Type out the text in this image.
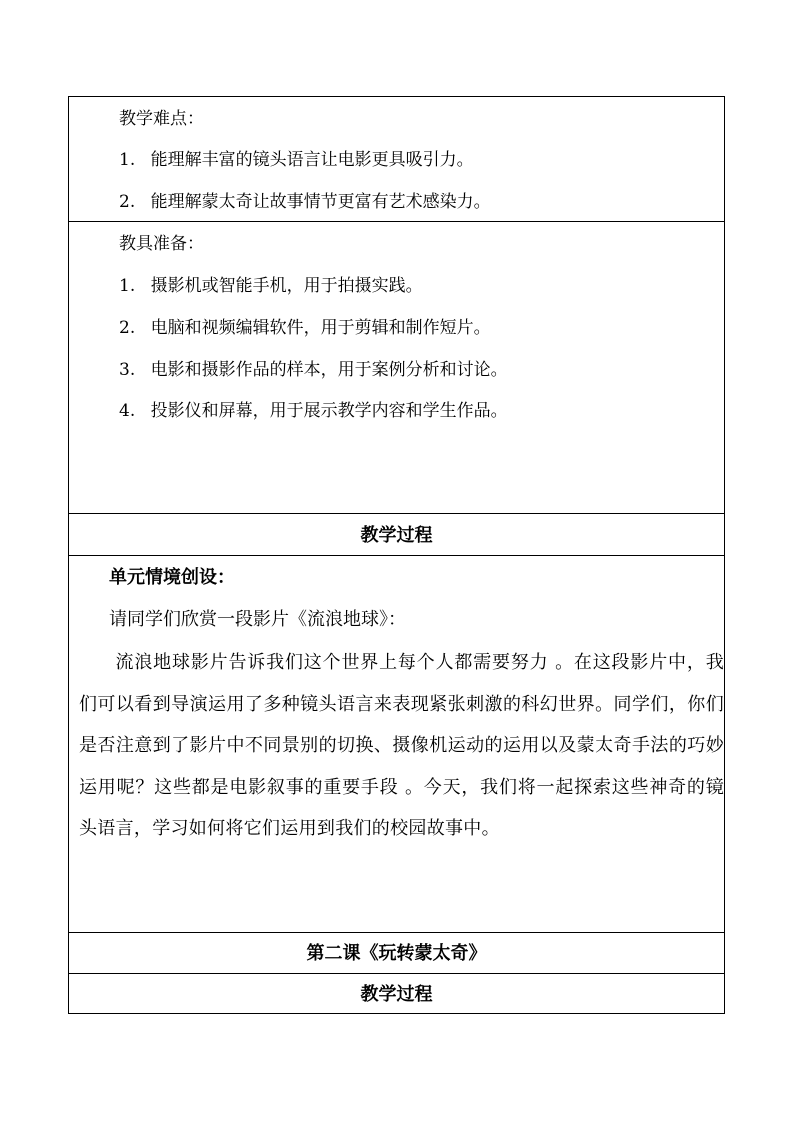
教学难点：
1. 能理解丰富的镜头语言让电影更具吸引力。
2. 能理解蒙太奇让故事情节更富有艺术感染力。
教具准备：
1. 摄影机或智能手机，用于拍摄实践。
2. 电脑和视频编辑软件，用于剪辑和制作短片。
3. 电影和摄影作品的样本，用于案例分析和讨论。
4. 投影仪和屏幕，用于展示教学内容和学生作品。
教学过程
单元情境创设：
请同学们欣赏一段影片《流浪地球》：
流浪地球影片告诉我们这个世界上每个人都需要努力 。在这段影片中，我们可以看到导演运用了多种镜头语言来表现紧张刺激的科幻世界。同学们，你们是否注意到了影片中不同景别的切换、摄像机运动的运用以及蒙太奇手法的巧妙运用呢？这些都是电影叙事的重要手段 。今天，我们将一起探索这些神奇的镜头语言，学习如何将它们运用到我们的校园故事中。
第二课《玩转蒙太奇》
教学过程
